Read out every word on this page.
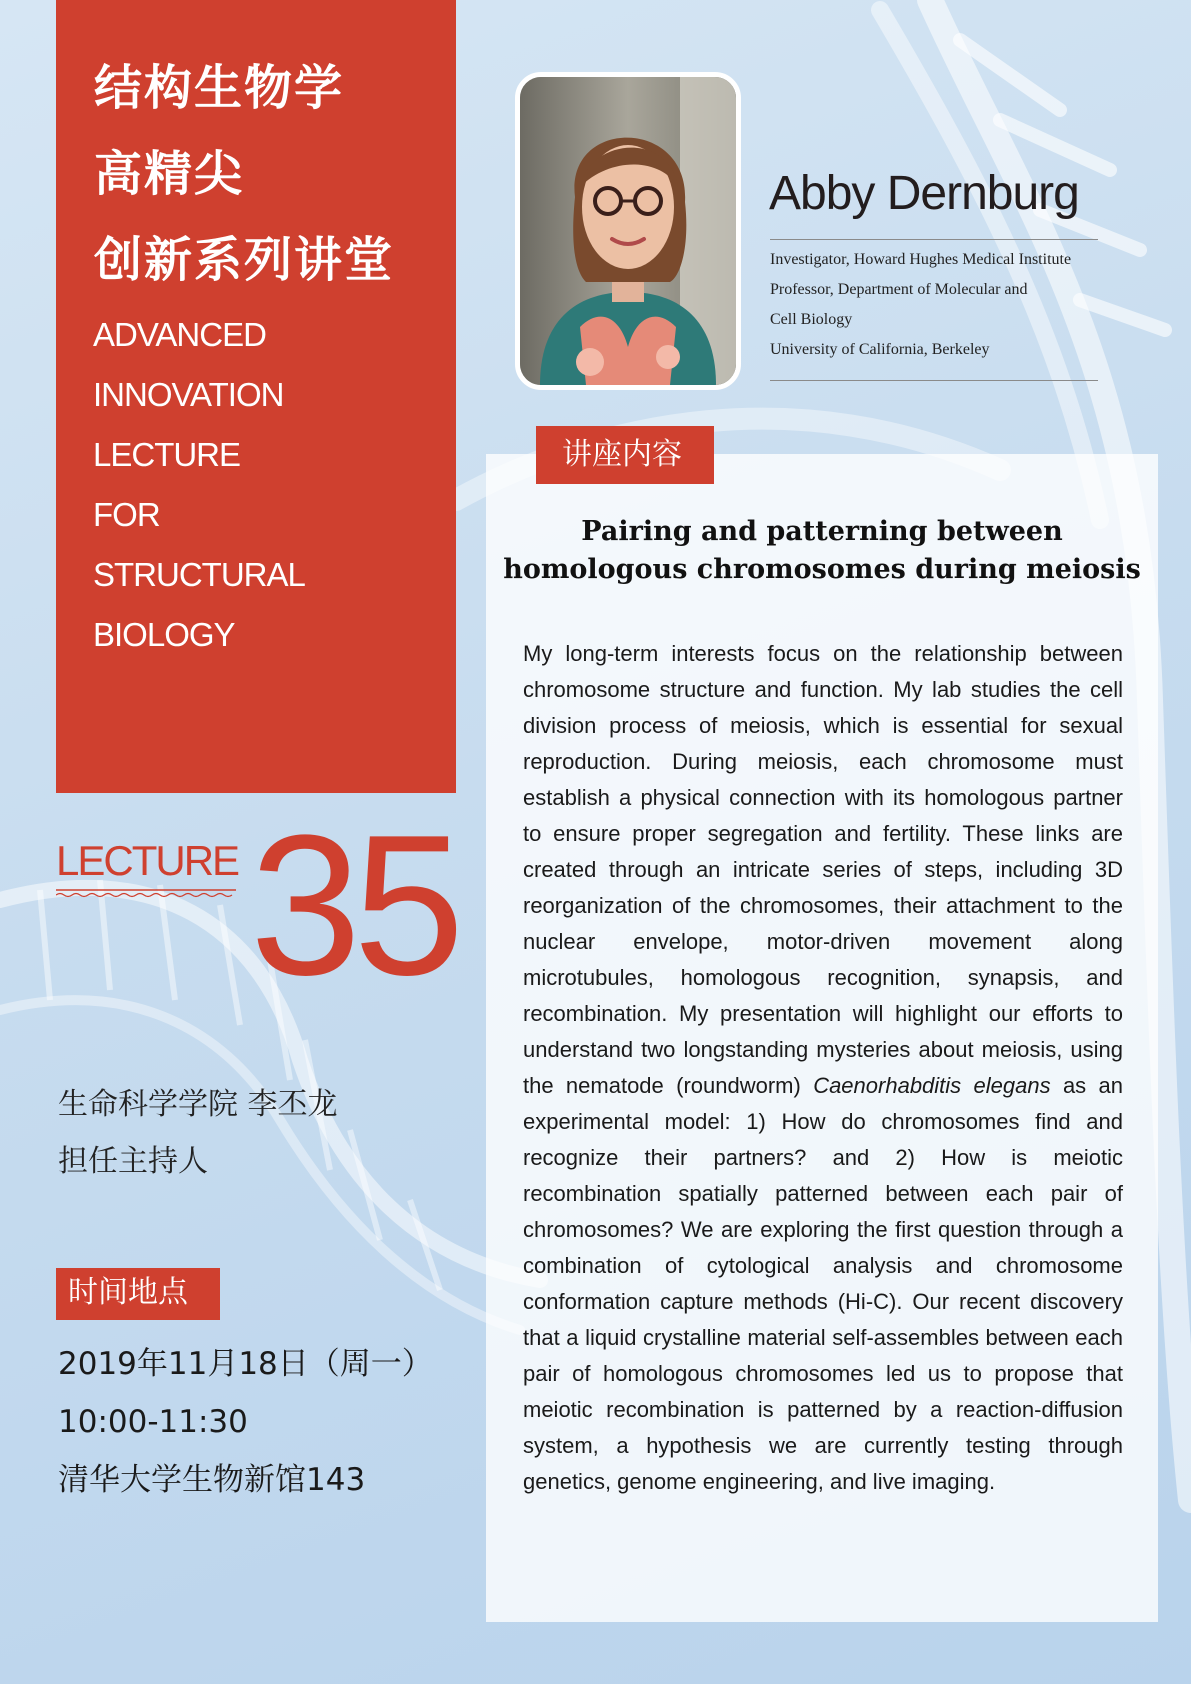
结构生物学
高精尖
创新系列讲堂
ADVANCED
INNOVATION
LECTURE
FOR
STRUCTURAL
BIOLOGY
LECTURE 35
生命科学学院 李丕龙
担任主持人
时间地点
2019年11月18日（周一）
10:00-11:30
清华大学生物新馆143
Abby Dernburg
Investigator, Howard Hughes Medical Institute
Professor, Department of Molecular and
Cell Biology
University of California, Berkeley
讲座内容
Pairing and patterning between
homologous chromosomes during meiosis

My long-term interests focus on the relationship between chromosome structure and function. My lab studies the cell division process of meiosis, which is essential for sexual reproduction. During meiosis, each chromosome must establish a physical connection with its homologous partner to ensure proper segregation and fertility. These links are created through an intricate series of steps, including 3D reorganization of the chromosomes, their attachment to the nuclear envelope, motor-driven movement along microtubules, homologous recognition, synapsis, and recombination. My presentation will highlight our efforts to understand two longstanding mysteries about meiosis, using the nematode (roundworm) Caenorhabditis elegans as an experimental model: 1) How do chromosomes find and recognize their partners? and 2) How is meiotic recombination spatially patterned between each pair of chromosomes? We are exploring the first question through a combination of cytological analysis and chromosome conformation capture methods (Hi-C). Our recent discovery that a liquid crystalline material self-assembles between each pair of homologous chromosomes led us to propose that meiotic recombination is patterned by a reaction-diffusion system, a hypothesis we are currently testing through genetics, genome engineering, and live imaging.
